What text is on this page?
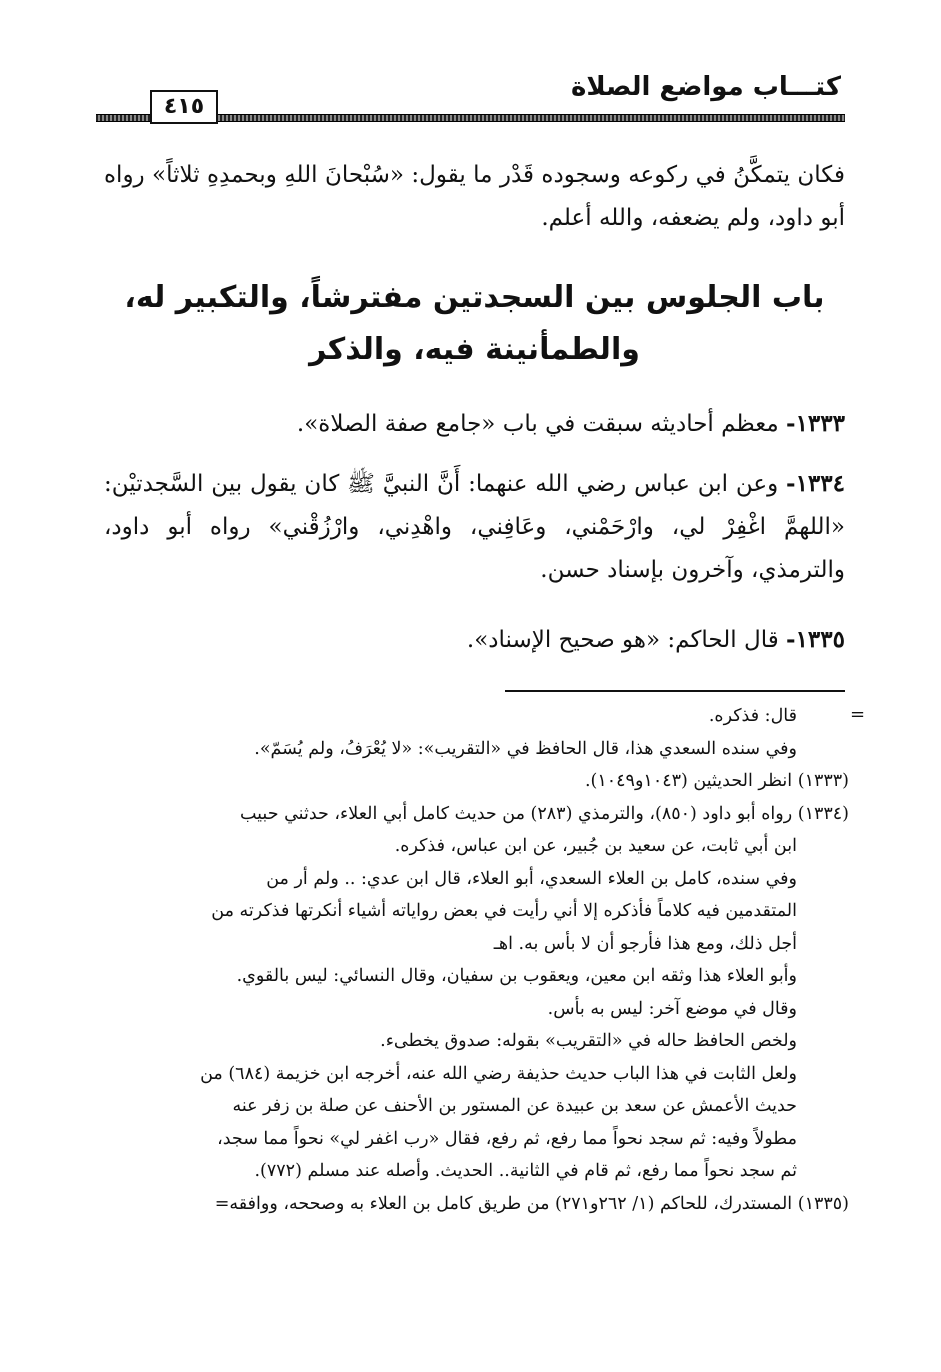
كتـــاب مواضع الصلاة
٤١٥

فكان يتمكَّنُ في ركوعه وسجوده قَدْر ما يقول: «سُبْحانَ اللهِ وبحمدِهِ ثلاثاً» رواه أبو داود، ولم يضعفه، والله أعلم.

باب الجلوس بين السجدتين مفترشاً، والتكبير له،
والطمأنينة فيه، والذكر

١٣٣٣- معظم أحاديثه سبقت في باب «جامع صفة الصلاة».

١٣٣٤- وعن ابن عباس رضي الله عنهما: أَنَّ النبيَّ ﷺ كان يقول بين السَّجدتيْن: «اللهمَّ اغْفِرْ لي، وارْحَمْني، وعَافِني، واهْدِني، وارْزُقْني» رواه أبو داود، والترمذي، وآخرون بإسناد حسن.

١٣٣٥- قال الحاكم: «هو صحيح الإسناد».

=

قال: فذكره.

وفي سنده السعدي هذا، قال الحافظ في «التقريب»: «لا يُعْرَفُ، ولم يُسَمّ».

(١٣٣٣) انظر الحديثين (١٠٤٣و١٠٤٩).

(١٣٣٤) رواه أبو داود (٨٥٠)، والترمذي (٢٨٣) من حديث كامل أبي العلاء، حدثني حبيب

ابن أبي ثابت، عن سعيد بن جُبير، عن ابن عباس، فذكره.

وفي سنده، كامل بن العلاء السعدي، أبو العلاء، قال ابن عدي: .. ولم أر من

المتقدمين فيه كلاماً فأذكره إلا أني رأيت في بعض رواياته أشياء أنكرتها فذكرته من

أجل ذلك، ومع هذا فأرجو أن لا بأس به. اهـ

وأبو العلاء هذا وثقه ابن معين، ويعقوب بن سفيان، وقال النسائي: ليس بالقوي.

وقال في موضع آخر: ليس به بأس.

ولخص الحافظ حاله في «التقريب» بقوله: صدوق يخطىء.

ولعل الثابت في هذا الباب حديث حذيفة رضي الله عنه، أخرجه ابن خزيمة (٦٨٤) من

حديث الأعمش عن سعد بن عبيدة عن المستور بن الأحنف عن صلة بن زفر عنه

مطولاً وفيه: ثم سجد نحواً مما رفع، ثم رفع، فقال «رب اغفر لي» نحواً مما سجد،

ثم سجد نحواً مما رفع، ثم قام في الثانية.. الحديث. وأصله عند مسلم (٧٧٢).

(١٣٣٥) المستدرك، للحاكم (١/ ٢٦٢و٢٧١) من طريق كامل بن العلاء به وصححه، ووافقه=
